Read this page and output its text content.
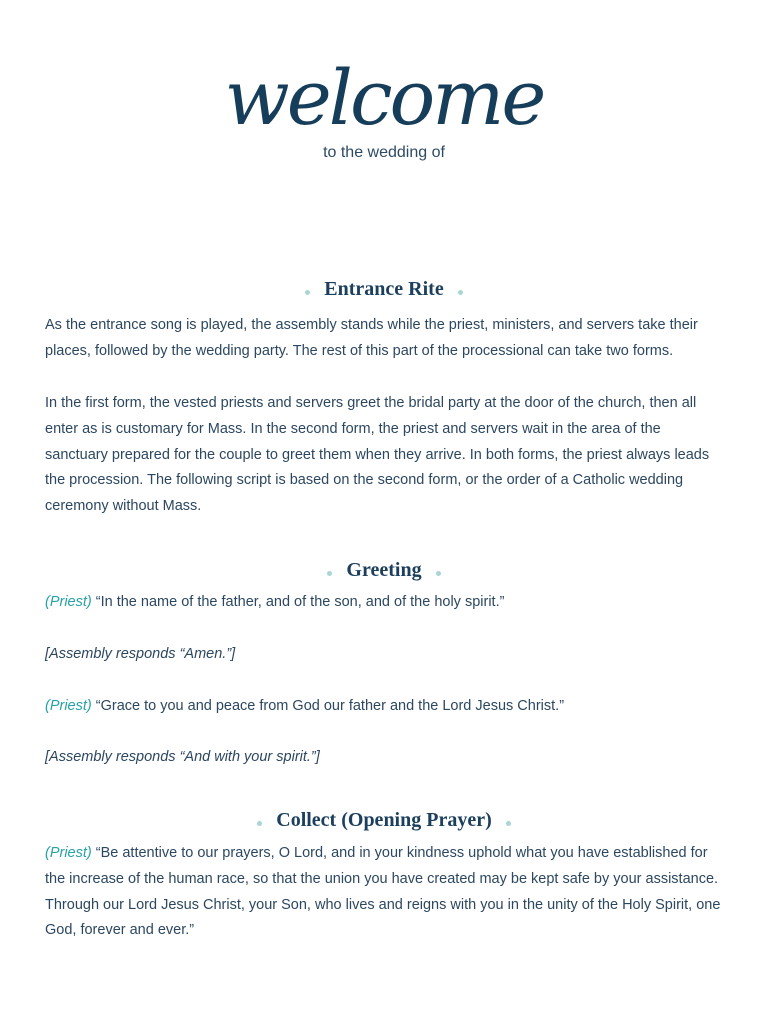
welcome
to the wedding of
Entrance Rite

As the entrance song is played, the assembly stands while the priest, ministers, and servers take their places, followed by the wedding party. The rest of this part of the processional can take two forms.

In the first form, the vested priests and servers greet the bridal party at the door of the church, then all enter as is customary for Mass. In the second form, the priest and servers wait in the area of the sanctuary prepared for the couple to greet them when they arrive. In both forms, the priest always leads the procession. The following script is based on the second form, or the order of a Catholic wedding ceremony without Mass.

Greeting

(Priest) “In the name of the father, and of the son, and of the holy spirit.”

[Assembly responds “Amen.”]

(Priest) “Grace to you and peace from God our father and the Lord Jesus Christ.”

[Assembly responds “And with your spirit.”]

Collect (Opening Prayer)

(Priest) “Be attentive to our prayers, O Lord, and in your kindness uphold what you have established for the increase of the human race, so that the union you have created may be kept safe by your assistance. Through our Lord Jesus Christ, your Son, who lives and reigns with you in the unity of the Holy Spirit, one God, forever and ever.”
